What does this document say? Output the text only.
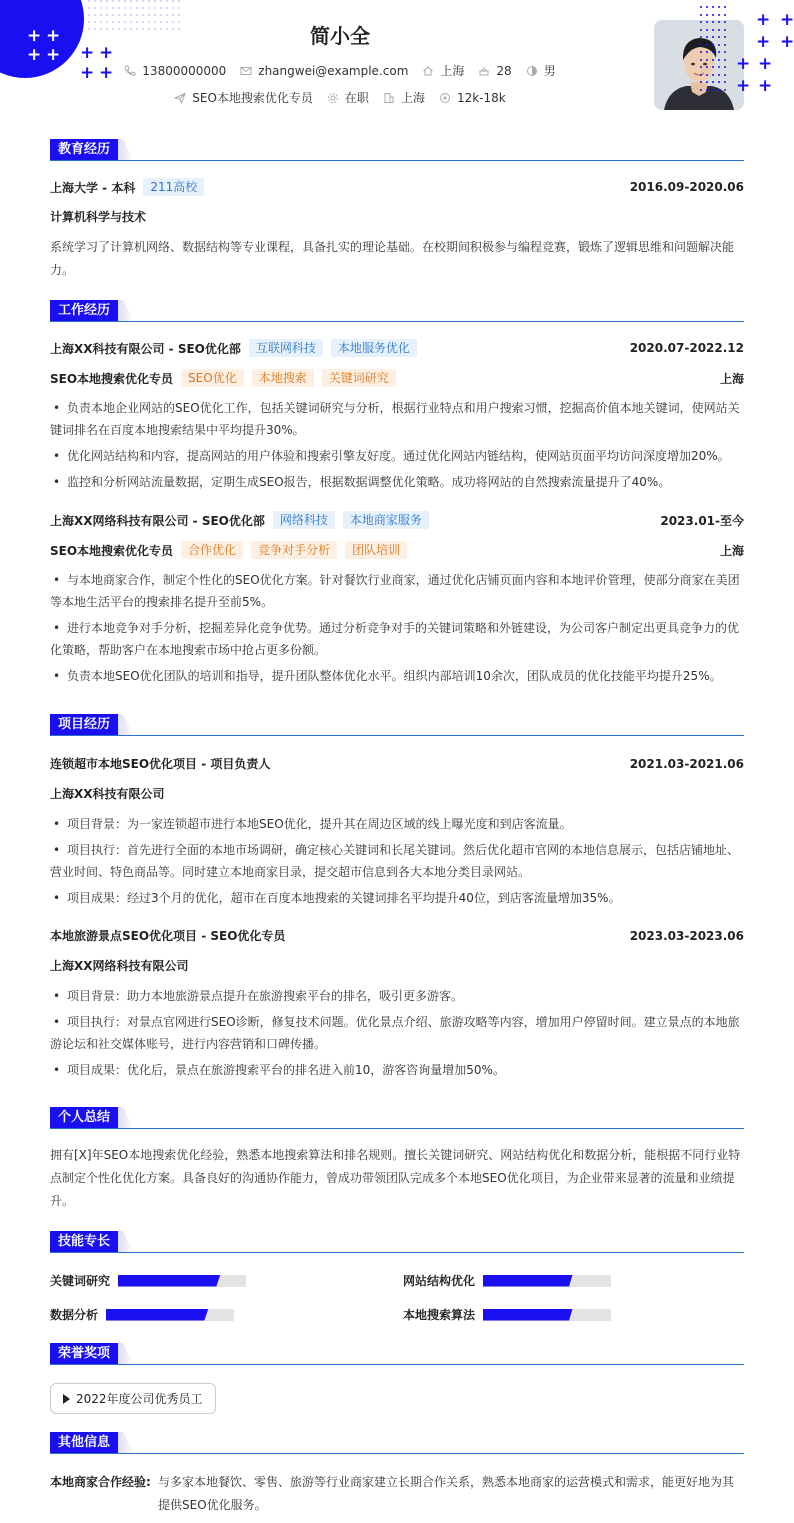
+ +
+ + + +
+ +
简小全
13800000000	zhangwei@example.com	上海	28	男
SEO本地搜索优化专员	在职	上海	12k-18k
+ +
+ +
+ +
+ +
教育经历
上海大学 - 本科	211高校	2016.09-2020.06
计算机科学与技术
系统学习了计算机网络、数据结构等专业课程，具备扎实的理论基础。在校期间积极参与编程竞赛，锻炼了逻辑思维和问题解决能力。
工作经历
上海XX科技有限公司 - SEO优化部	互联网科技	本地服务优化	2020.07-2022.12
SEO本地搜索优化专员	SEO优化	本地搜索	关键词研究	上海
• 负责本地企业网站的SEO优化工作，包括关键词研究与分析，根据行业特点和用户搜索习惯，挖掘高价值本地关键词，使网站关键词排名在百度本地搜索结果中平均提升30%。
• 优化网站结构和内容，提高网站的用户体验和搜索引擎友好度。通过优化网站内链结构，使网站页面平均访问深度增加20%。
• 监控和分析网站流量数据，定期生成SEO报告，根据数据调整优化策略。成功将网站的自然搜索流量提升了40%。
上海XX网络科技有限公司 - SEO优化部	网络科技	本地商家服务	2023.01-至今
SEO本地搜索优化专员	合作优化	竞争对手分析	团队培训	上海
• 与本地商家合作，制定个性化的SEO优化方案。针对餐饮行业商家，通过优化店铺页面内容和本地评价管理，使部分商家在美团等本地生活平台的搜索排名提升至前5%。
• 进行本地竞争对手分析，挖掘差异化竞争优势。通过分析竞争对手的关键词策略和外链建设，为公司客户制定出更具竞争力的优化策略，帮助客户在本地搜索市场中抢占更多份额。
• 负责本地SEO优化团队的培训和指导，提升团队整体优化水平。组织内部培训10余次，团队成员的优化技能平均提升25%。
项目经历
连锁超市本地SEO优化项目 - 项目负责人	2021.03-2021.06
上海XX科技有限公司
• 项目背景：为一家连锁超市进行本地SEO优化，提升其在周边区域的线上曝光度和到店客流量。
• 项目执行：首先进行全面的本地市场调研，确定核心关键词和长尾关键词。然后优化超市官网的本地信息展示，包括店铺地址、营业时间、特色商品等。同时建立本地商家目录，提交超市信息到各大本地分类目录网站。
• 项目成果：经过3个月的优化，超市在百度本地搜索的关键词排名平均提升40位，到店客流量增加35%。
本地旅游景点SEO优化项目 - SEO优化专员	2023.03-2023.06
上海XX网络科技有限公司
• 项目背景：助力本地旅游景点提升在旅游搜索平台的排名，吸引更多游客。
• 项目执行：对景点官网进行SEO诊断，修复技术问题。优化景点介绍、旅游攻略等内容，增加用户停留时间。建立景点的本地旅游论坛和社交媒体账号，进行内容营销和口碑传播。
• 项目成果：优化后，景点在旅游搜索平台的排名进入前10，游客咨询量增加50%。
个人总结
拥有[X]年SEO本地搜索优化经验，熟悉本地搜索算法和排名规则。擅长关键词研究、网站结构优化和数据分析，能根据不同行业特点制定个性化优化方案。具备良好的沟通协作能力，曾成功带领团队完成多个本地SEO优化项目，为企业带来显著的流量和业绩提升。
技能专长
关键词研究	网站结构优化
数据分析	本地搜索算法
荣誉奖项
2022年度公司优秀员工
其他信息
本地商家合作经验: 与多家本地餐饮、零售、旅游等行业商家建立长期合作关系，熟悉本地商家的运营模式和需求，能更好地为其提供SEO优化服务。
